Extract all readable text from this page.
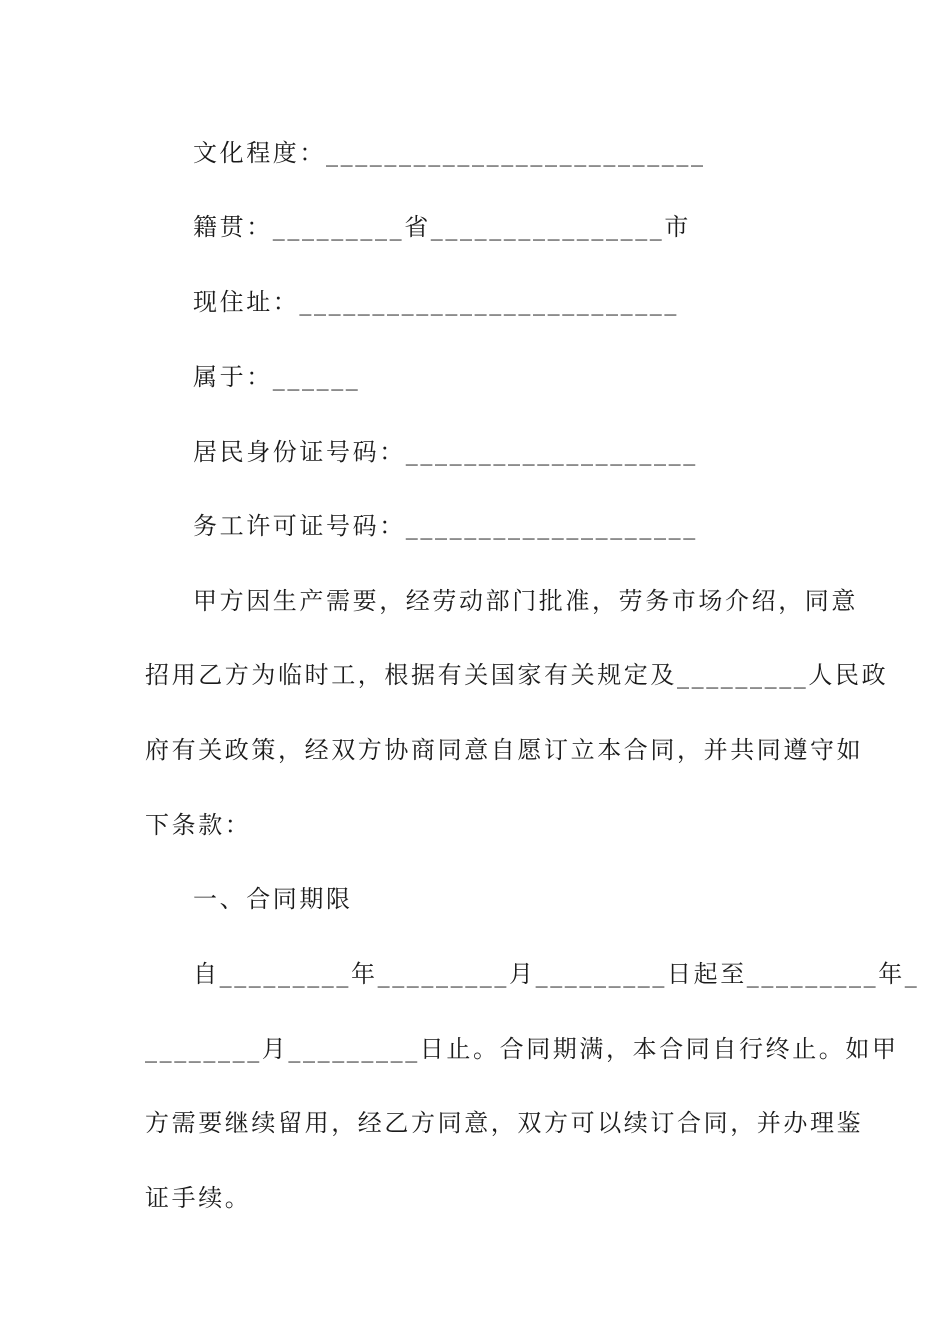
文化程度：__________________________
籍贯：_________省________________市
现住址：__________________________
属于：______
居民身份证号码：____________________
务工许可证号码：____________________
甲方因生产需要，经劳动部门批准，劳务市场介绍，同意
招用乙方为临时工，根据有关国家有关规定及_________人民政
府有关政策，经双方协商同意自愿订立本合同，并共同遵守如
下条款：
一、合同期限
自_________年_________月_________日起至_________年_
________月_________日止。合同期满，本合同自行终止。如甲
方需要继续留用，经乙方同意，双方可以续订合同，并办理鉴
证手续。
